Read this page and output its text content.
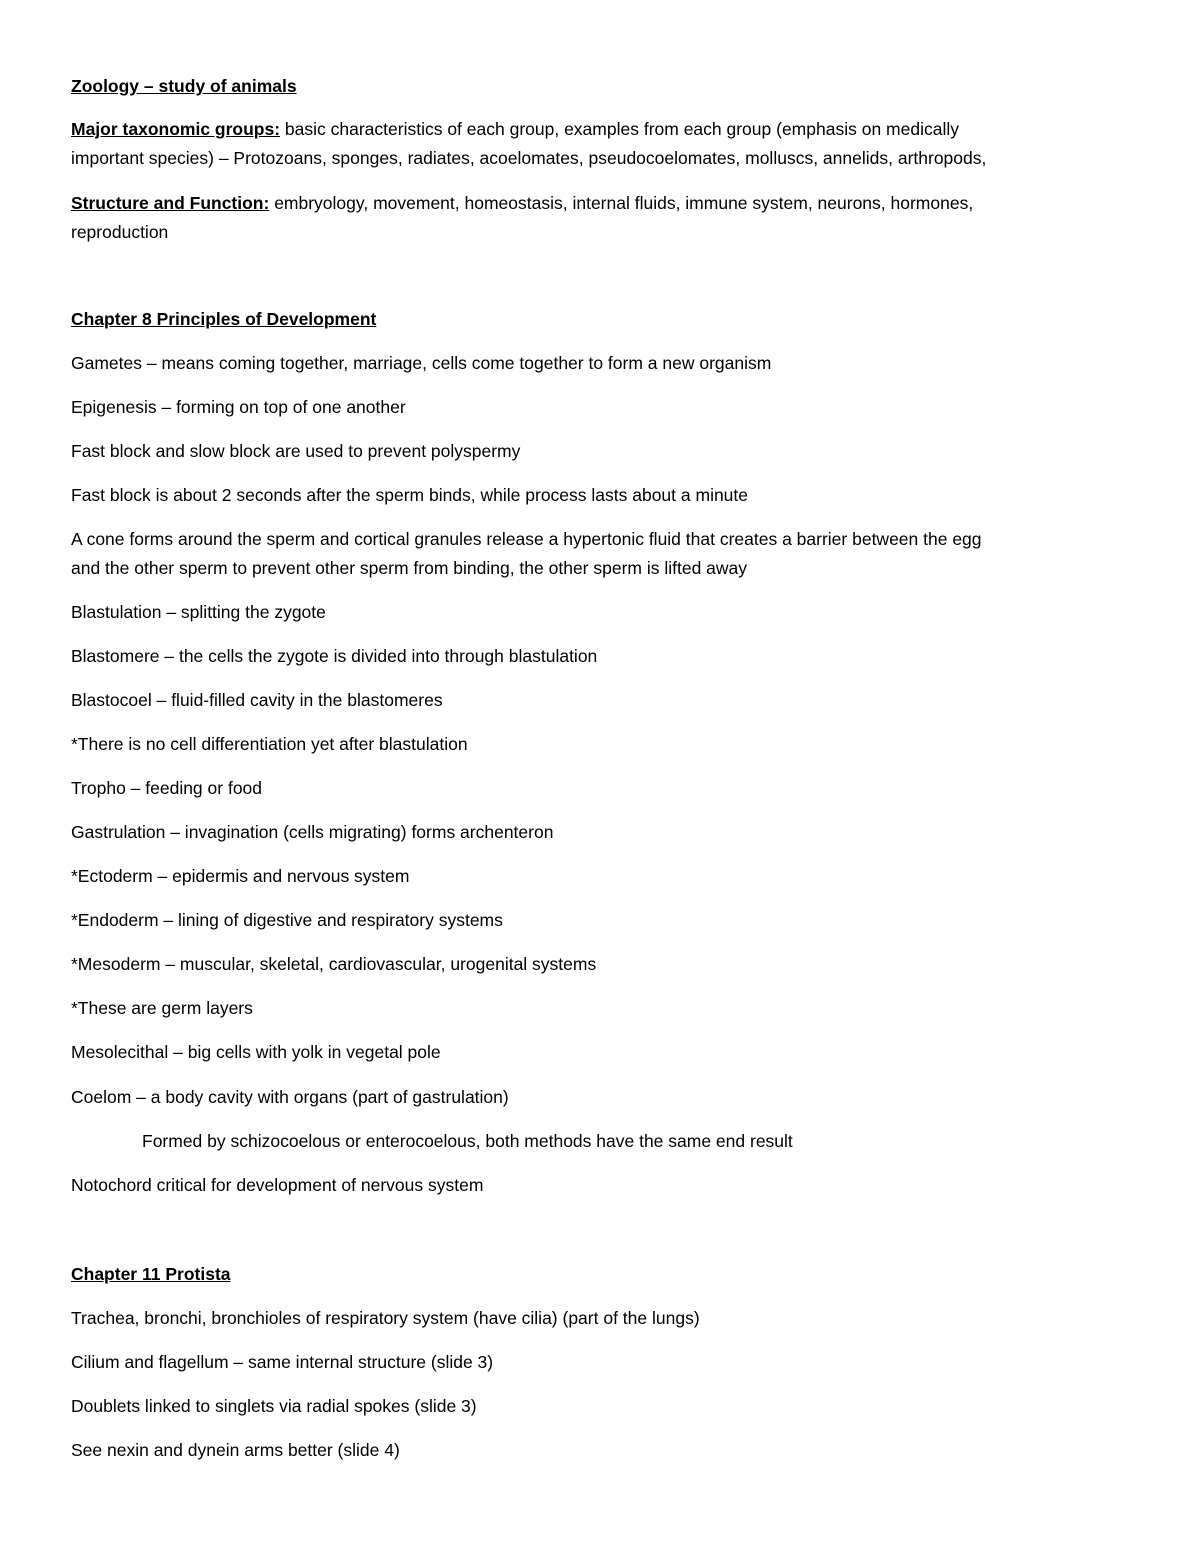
Zoology – study of animals
Major taxonomic groups: basic characteristics of each group, examples from each group (emphasis on medically
important species) – Protozoans, sponges, radiates, acoelomates, pseudocoelomates, molluscs, annelids, arthropods,
Structure and Function: embryology, movement, homeostasis, internal fluids, immune system, neurons, hormones,
reproduction
Chapter 8 Principles of Development
Gametes – means coming together, marriage, cells come together to form a new organism
Epigenesis – forming on top of one another
Fast block and slow block are used to prevent polyspermy
Fast block is about 2 seconds after the sperm binds, while process lasts about a minute
A cone forms around the sperm and cortical granules release a hypertonic fluid that creates a barrier between the egg
and the other sperm to prevent other sperm from binding, the other sperm is lifted away
Blastulation – splitting the zygote
Blastomere – the cells the zygote is divided into through blastulation
Blastocoel – fluid-filled cavity in the blastomeres
*There is no cell differentiation yet after blastulation
Tropho – feeding or food
Gastrulation – invagination (cells migrating) forms archenteron
*Ectoderm – epidermis and nervous system
*Endoderm – lining of digestive and respiratory systems
*Mesoderm – muscular, skeletal, cardiovascular, urogenital systems
*These are germ layers
Mesolecithal – big cells with yolk in vegetal pole
Coelom – a body cavity with organs (part of gastrulation)
Formed by schizocoelous or enterocoelous, both methods have the same end result
Notochord critical for development of nervous system
Chapter 11 Protista
Trachea, bronchi, bronchioles of respiratory system (have cilia) (part of the lungs)
Cilium and flagellum – same internal structure (slide 3)
Doublets linked to singlets via radial spokes (slide 3)
See nexin and dynein arms better (slide 4)
